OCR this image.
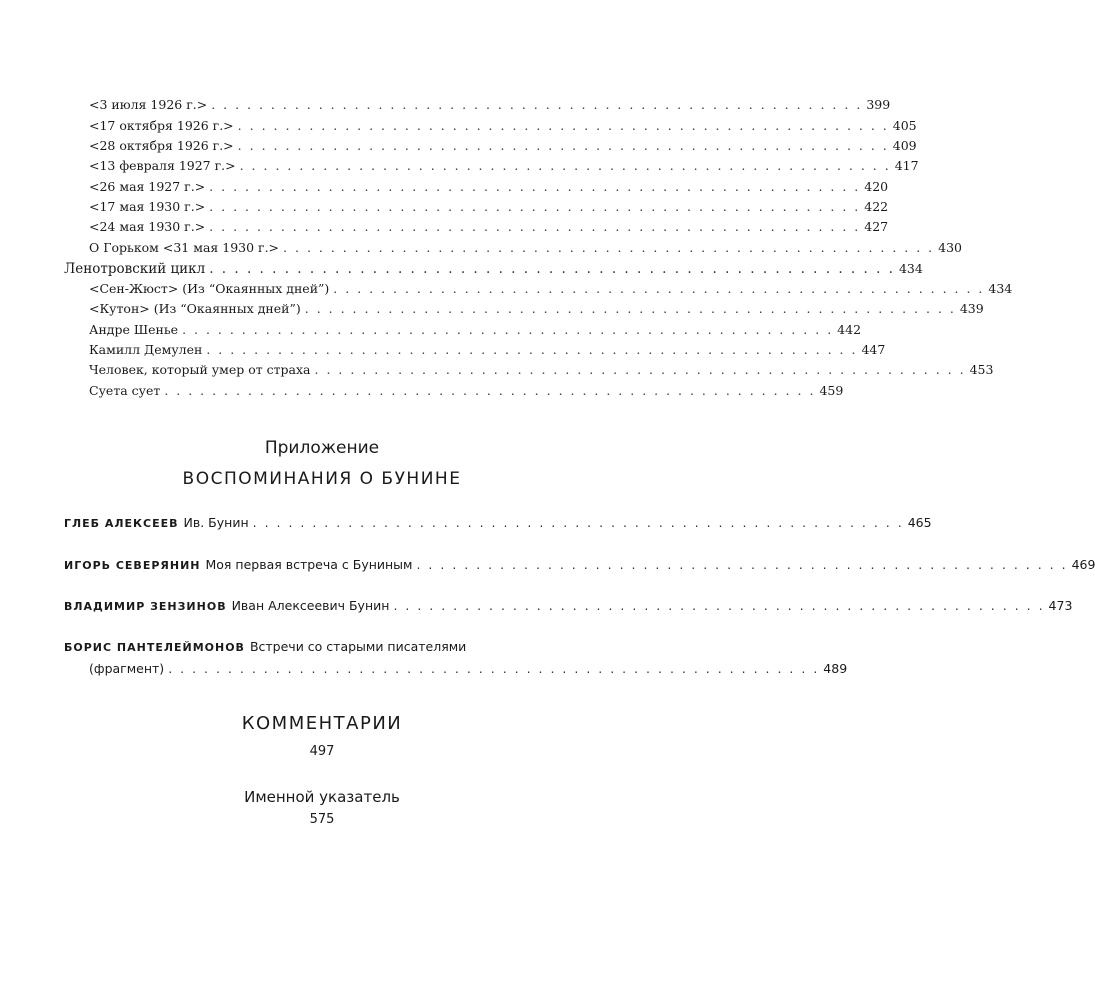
<3 июля 1926 г.> . . . . . . . . . . . . . . . . . . . . . . . . . . . . . . . . . . . . . . . . . . . . . . . . . . . . . . . 399
<17 октября 1926 г.> . . . . . . . . . . . . . . . . . . . . . . . . . . . . . . . . . . . . . . . . . . . . . . . . . . . . . . . 405
<28 октября 1926 г.> . . . . . . . . . . . . . . . . . . . . . . . . . . . . . . . . . . . . . . . . . . . . . . . . . . . . . . . 409
<13 февраля 1927 г.> . . . . . . . . . . . . . . . . . . . . . . . . . . . . . . . . . . . . . . . . . . . . . . . . . . . . . . . 417
<26 мая 1927 г.> . . . . . . . . . . . . . . . . . . . . . . . . . . . . . . . . . . . . . . . . . . . . . . . . . . . . . . . 420
<17 мая 1930 г.> . . . . . . . . . . . . . . . . . . . . . . . . . . . . . . . . . . . . . . . . . . . . . . . . . . . . . . . 422
<24 мая 1930 г.> . . . . . . . . . . . . . . . . . . . . . . . . . . . . . . . . . . . . . . . . . . . . . . . . . . . . . . . 427
О Горьком <31 мая 1930 г.> . . . . . . . . . . . . . . . . . . . . . . . . . . . . . . . . . . . . . . . . . . . . . . . . . . . . . . . 430
Ленотровский цикл . . . . . . . . . . . . . . . . . . . . . . . . . . . . . . . . . . . . . . . . . . . . . . . . . . . . . . . 434
<Сен-Жюст> (Из “Окаянных дней”) . . . . . . . . . . . . . . . . . . . . . . . . . . . . . . . . . . . . . . . . . . . . . . . . . . . . . . . 434
<Кутон> (Из “Окаянных дней”) . . . . . . . . . . . . . . . . . . . . . . . . . . . . . . . . . . . . . . . . . . . . . . . . . . . . . . . 439
Андре Шенье . . . . . . . . . . . . . . . . . . . . . . . . . . . . . . . . . . . . . . . . . . . . . . . . . . . . . . . 442
Камилл Демулен . . . . . . . . . . . . . . . . . . . . . . . . . . . . . . . . . . . . . . . . . . . . . . . . . . . . . . . 447
Человек, который умер от страха . . . . . . . . . . . . . . . . . . . . . . . . . . . . . . . . . . . . . . . . . . . . . . . . . . . . . . . 453
Суета сует . . . . . . . . . . . . . . . . . . . . . . . . . . . . . . . . . . . . . . . . . . . . . . . . . . . . . . . 459
Приложение
ВОСПОМИНАНИЯ О БУНИНЕ
ГЛЕБ АЛЕКСЕЕВ Ив. Бунин . . . . . . . . . . . . . . . . . . . . . . . . . . . . . . . . . . . . . . . . . . . . . . . . . . . . . . . 465
ИГОРЬ СЕВЕРЯНИН Моя первая встреча с Буниным . . . . . . . . . . . . . . . . . . . . . . . . . . . . . . . . . . . . . . . . . . . . . . . . . . . . . . . 469
ВЛАДИМИР ЗЕНЗИНОВ Иван Алексеевич Бунин . . . . . . . . . . . . . . . . . . . . . . . . . . . . . . . . . . . . . . . . . . . . . . . . . . . . . . . 473
БОРИС ПАНТЕЛЕЙМОНОВ Встречи со старыми писателями
(фрагмент) . . . . . . . . . . . . . . . . . . . . . . . . . . . . . . . . . . . . . . . . . . . . . . . . . . . . . . . 489
КОММЕНТАРИИ
497
Именной указатель
575
